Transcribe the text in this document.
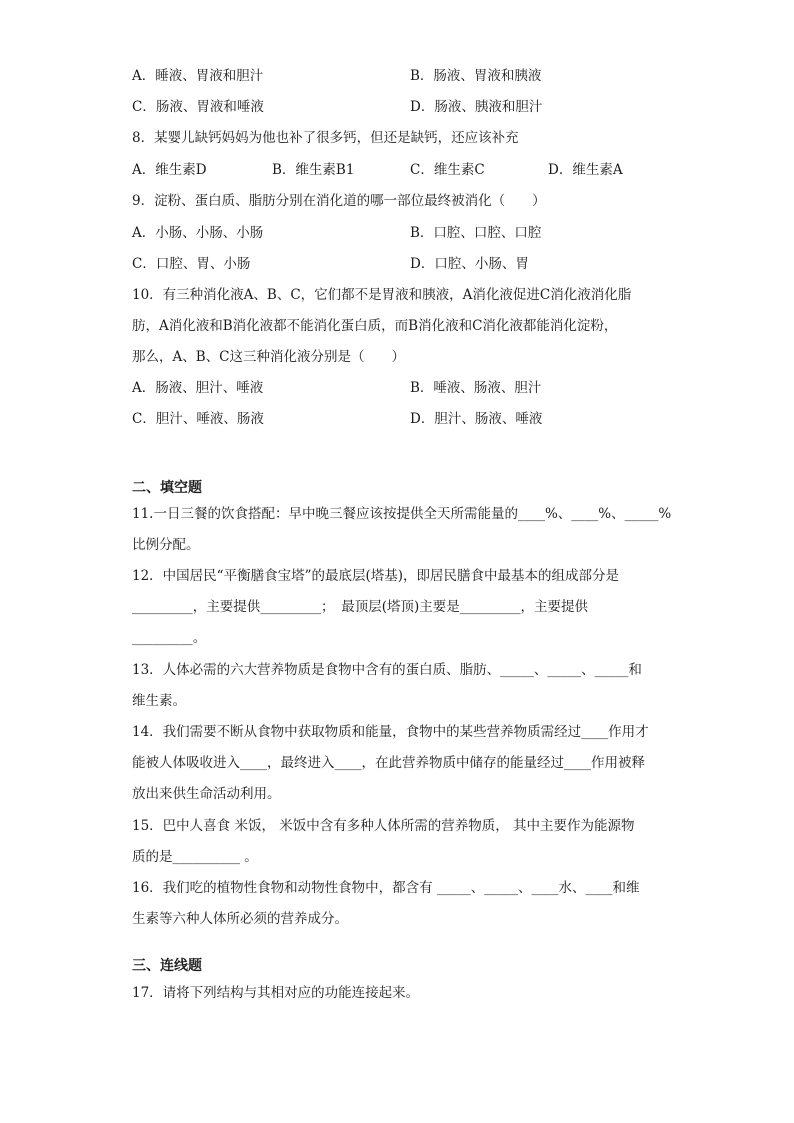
A．睡液、胃液和胆汁	B．肠液、胃液和胰液
C．肠液、胃液和唾液	D．肠液、胰液和胆汁
8．某婴儿缺钙妈妈为他也补了很多钙，但还是缺钙，还应该补充
A．维生素D	B．维生素B1	C．维生素C	D．维生素A
9．淀粉、蛋白质、脂肪分别在消化道的哪一部位最终被消化（　　）
A．小肠、小肠、小肠	B．口腔、口腔、口腔
C．口腔、胃、小肠	D．口腔、小肠、胃
10．有三种消化液A、B、C，它们都不是胃液和胰液，A消化液促进C消化液消化脂
肪，A消化液和B消化液都不能消化蛋白质，而B消化液和C消化液都能消化淀粉，
那么，A、B、C这三种消化液分别是（　　）
A．肠液、胆汁、唾液	B．唾液、肠液、胆汁
C．胆汁、唾液、肠液	D．胆汁、肠液、唾液
二、填空题
11.一日三餐的饮食搭配：早中晚三餐应该按提供全天所需能量的____%、____%、_____%
比例分配。
12．中国居民“平衡膳食宝塔”的最底层(塔基)，即居民膳食中最基本的组成部分是
_________，主要提供_________；　最顶层(塔顶)主要是_________，主要提供
_________。
13．人体必需的六大营养物质是食物中含有的蛋白质、脂肪、_____、_____、_____和
维生素。
14．我们需要不断从食物中获取物质和能量，食物中的某些营养物质需经过____作用才
能被人体吸收进入____，最终进入____，在此营养物质中储存的能量经过____作用被释
放出来供生命活动利用。
15．巴中人喜食 米饭， 米饭中含有多种人体所需的营养物质， 其中主要作为能源物
质的是__________ 。
16．我们吃的植物性食物和动物性食物中，都含有 _____、_____、____水、____和维
生素等六种人体所必须的营养成分。
三、连线题
17．请将下列结构与其相对应的功能连接起来。
